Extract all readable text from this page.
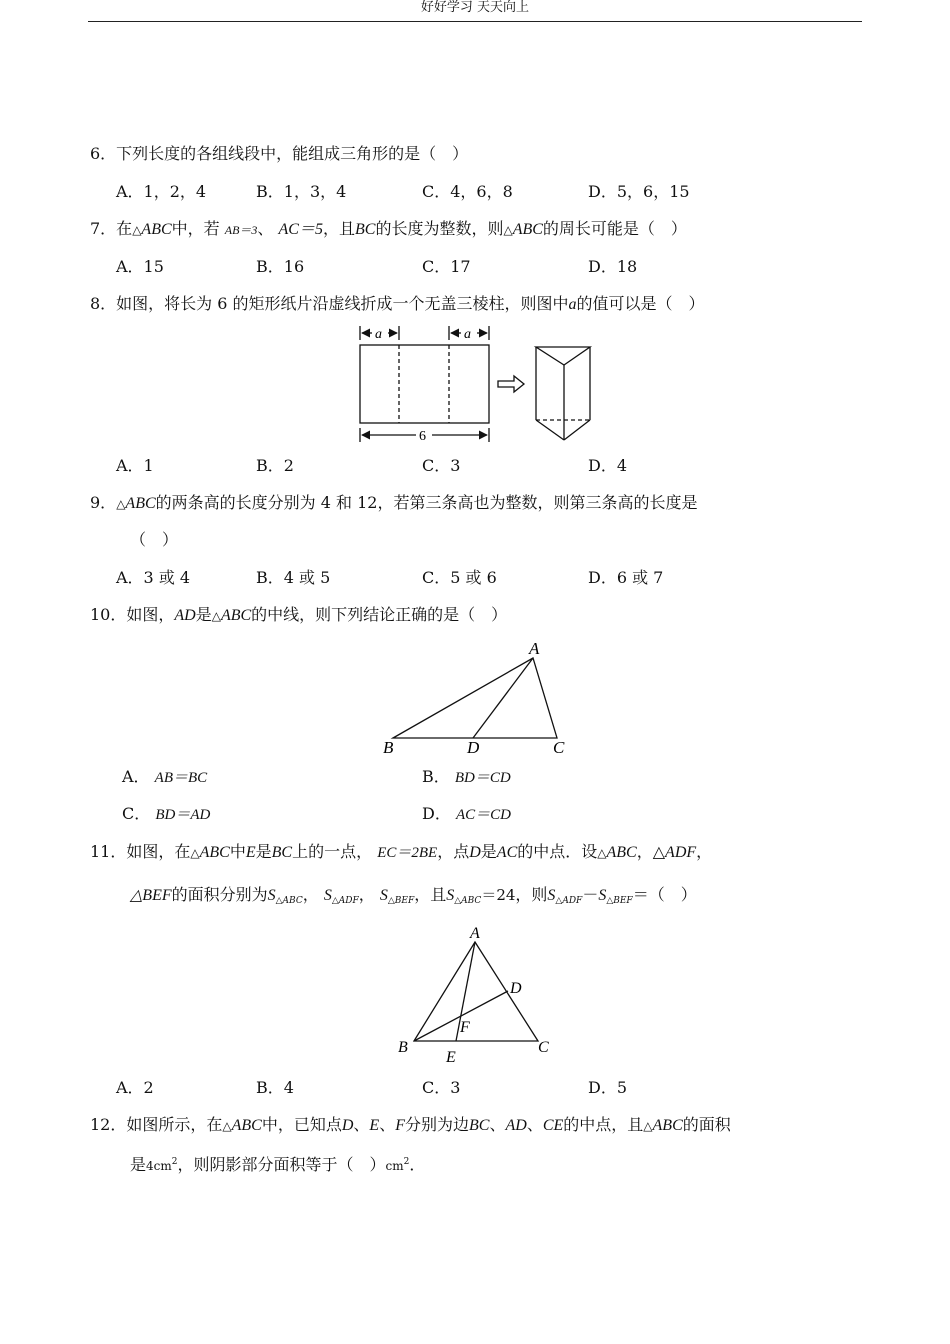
好好学习 天天向上
6．下列长度的各组线段中，能组成三角形的是（　）
A．1，2，4	B．1，3，4	C．4，6，8	D．5，6，15
7．在△ABC中，若 AB＝3、 AC＝5，且BC的长度为整数，则△ABC的周长可能是（　）
A．15	B．16	C．17	D．18
8．如图，将长为 6 的矩形纸片沿虚线折成一个无盖三棱柱，则图中a的值可以是（　）
a	a
6
A．1	B．2	C．3	D．4
9．△ABC的两条高的长度分别为 4 和 12，若第三条高也为整数，则第三条高的长度是
（　）
A．3 或 4	B．4 或 5	C．5 或 6	D．6 或 7
10．如图，AD是△ABC的中线，则下列结论正确的是（　）
A
B	D	C
A． AB＝BC	B． BD＝CD
C． BD＝AD	D． AC＝CD
11．如图，在△ABC中E是BC上的一点， EC＝2BE，点D是AC的中点．设△ABC，△ADF，
△BEF的面积分别为$S_{\triangle ABC}$， $S_{\triangle ADF}$， $S_{\triangle BEF}$，且$S_{\triangle ABC}=24$，则$S_{\triangle ADF}-S_{\triangle BEF}=$（　）
A
D
F
B	C
E
A．2	B．4	C．3	D．5
12．如图所示，在△ABC中，已知点D、E、F分别为边BC、AD、CE的中点，且△ABC的面积
是$4cm^2$，则阴影部分面积等于（　）$cm^2$．
